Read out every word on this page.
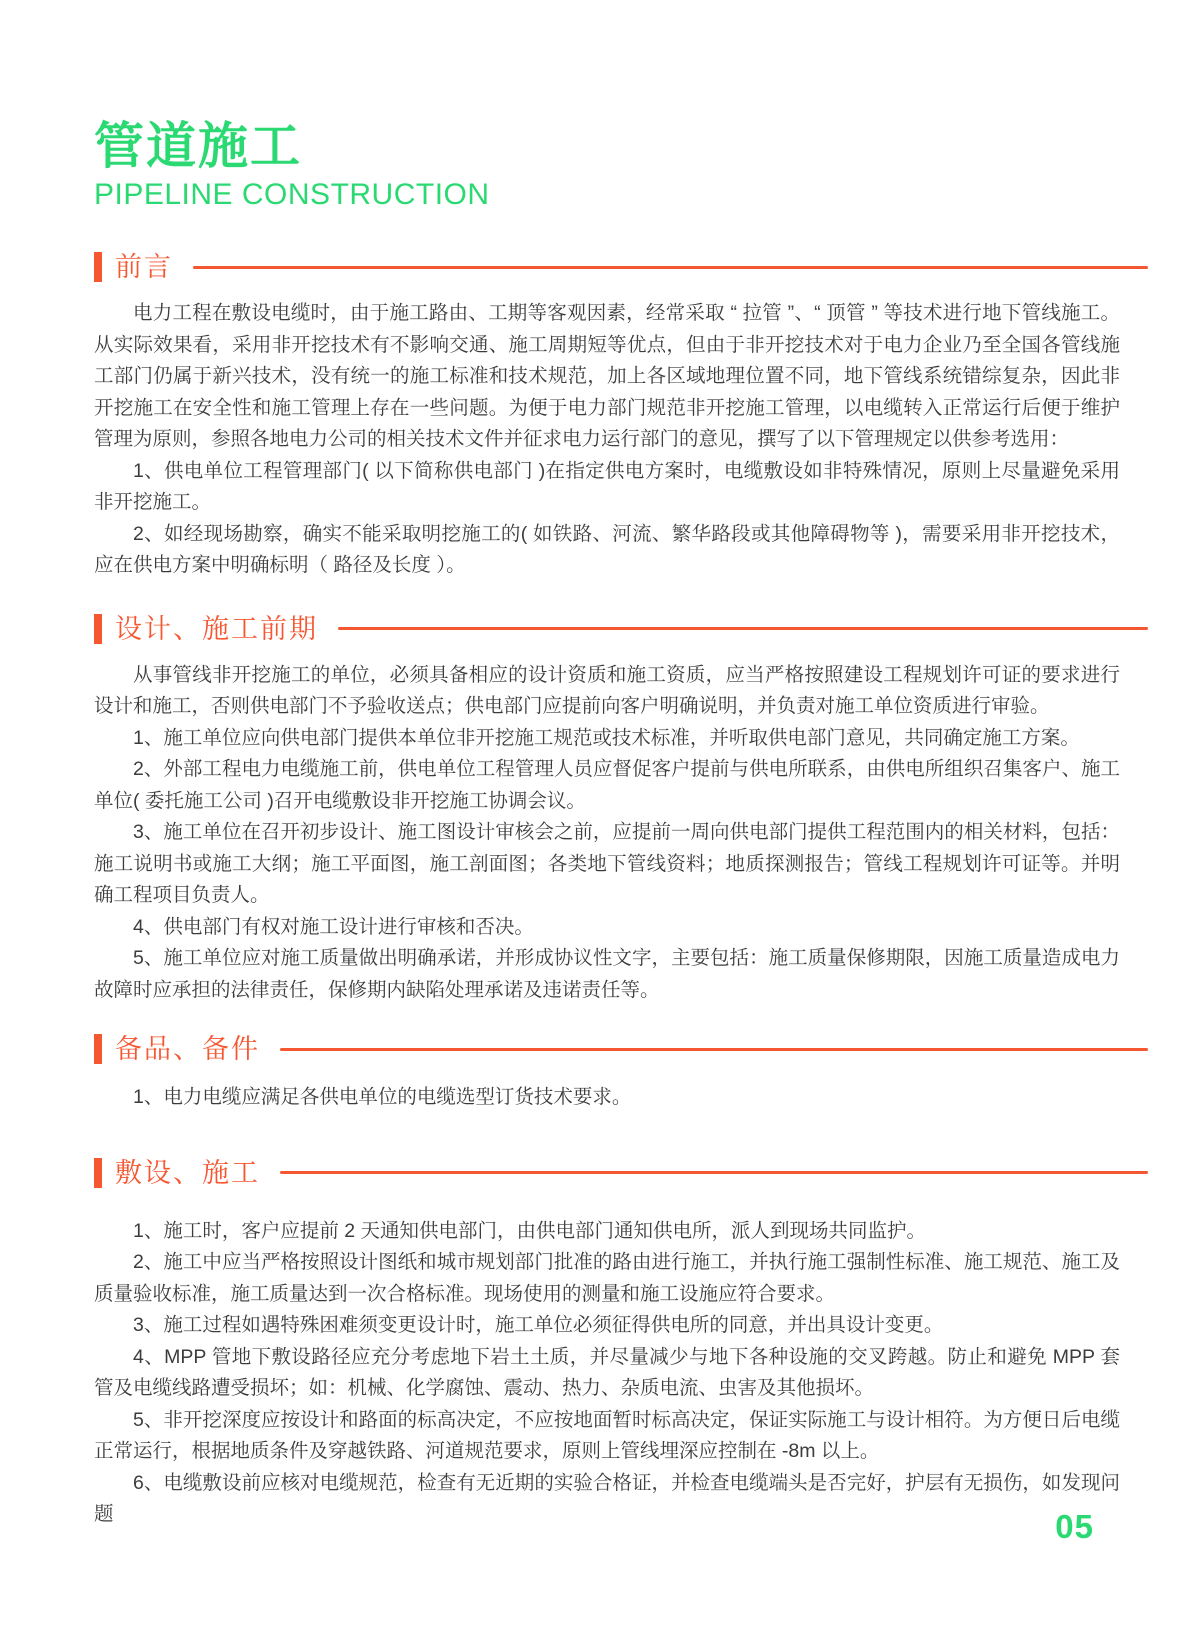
管道施工
PIPELINE CONSTRUCTION
前言

电力工程在敷设电缆时，由于施工路由、工期等客观因素，经常采取 “ 拉管 ”、“ 顶管 ” 等技术进行地下管线施工。从实际效果看，采用非开挖技术有不影响交通、施工周期短等优点，但由于非开挖技术对于电力企业乃至全国各管线施工部门仍属于新兴技术，没有统一的施工标准和技术规范，加上各区域地理位置不同，地下管线系统错综复杂，因此非开挖施工在安全性和施工管理上存在一些问题。为便于电力部门规范非开挖施工管理，以电缆转入正常运行后便于维护管理为原则，参照各地电力公司的相关技术文件并征求电力运行部门的意见，撰写了以下管理规定以供参考选用：

1、供电单位工程管理部门( 以下简称供电部门 )在指定供电方案时，电缆敷设如非特殊情况，原则上尽量避免采用非开挖施工。

2、如经现场勘察，确实不能采取明挖施工的( 如铁路、河流、繁华路段或其他障碍物等 )，需要采用非开挖技术，应在供电方案中明确标明（ 路径及长度 ）。

设计、施工前期

从事管线非开挖施工的单位，必须具备相应的设计资质和施工资质，应当严格按照建设工程规划许可证的要求进行设计和施工，否则供电部门不予验收送点；供电部门应提前向客户明确说明，并负责对施工单位资质进行审验。

1、施工单位应向供电部门提供本单位非开挖施工规范或技术标准，并听取供电部门意见，共同确定施工方案。

2、外部工程电力电缆施工前，供电单位工程管理人员应督促客户提前与供电所联系，由供电所组织召集客户、施工单位( 委托施工公司 )召开电缆敷设非开挖施工协调会议。

3、施工单位在召开初步设计、施工图设计审核会之前，应提前一周向供电部门提供工程范围内的相关材料，包括：施工说明书或施工大纲；施工平面图，施工剖面图；各类地下管线资料；地质探测报告；管线工程规划许可证等。并明确工程项目负责人。

4、供电部门有权对施工设计进行审核和否决。

5、施工单位应对施工质量做出明确承诺，并形成协议性文字，主要包括：施工质量保修期限，因施工质量造成电力故障时应承担的法律责任，保修期内缺陷处理承诺及违诺责任等。

备品、备件

1、电力电缆应满足各供电单位的电缆选型订货技术要求。

敷设、施工

1、施工时，客户应提前 2 天通知供电部门，由供电部门通知供电所，派人到现场共同监护。

2、施工中应当严格按照设计图纸和城市规划部门批准的路由进行施工，并执行施工强制性标准、施工规范、施工及质量验收标准，施工质量达到一次合格标准。现场使用的测量和施工设施应符合要求。

3、施工过程如遇特殊困难须变更设计时，施工单位必须征得供电所的同意，并出具设计变更。

4、MPP 管地下敷设路径应充分考虑地下岩土土质，并尽量减少与地下各种设施的交叉跨越。防止和避免 MPP 套管及电缆线路遭受损坏；如：机械、化学腐蚀、震动、热力、杂质电流、虫害及其他损坏。

5、非开挖深度应按设计和路面的标高决定，不应按地面暂时标高决定，保证实际施工与设计相符。为方便日后电缆正常运行，根据地质条件及穿越铁路、河道规范要求，原则上管线埋深应控制在 -8m 以上。

6、电缆敷设前应核对电缆规范，检查有无近期的实验合格证，并检查电缆端头是否完好，护层有无损伤，如发现问题	05
